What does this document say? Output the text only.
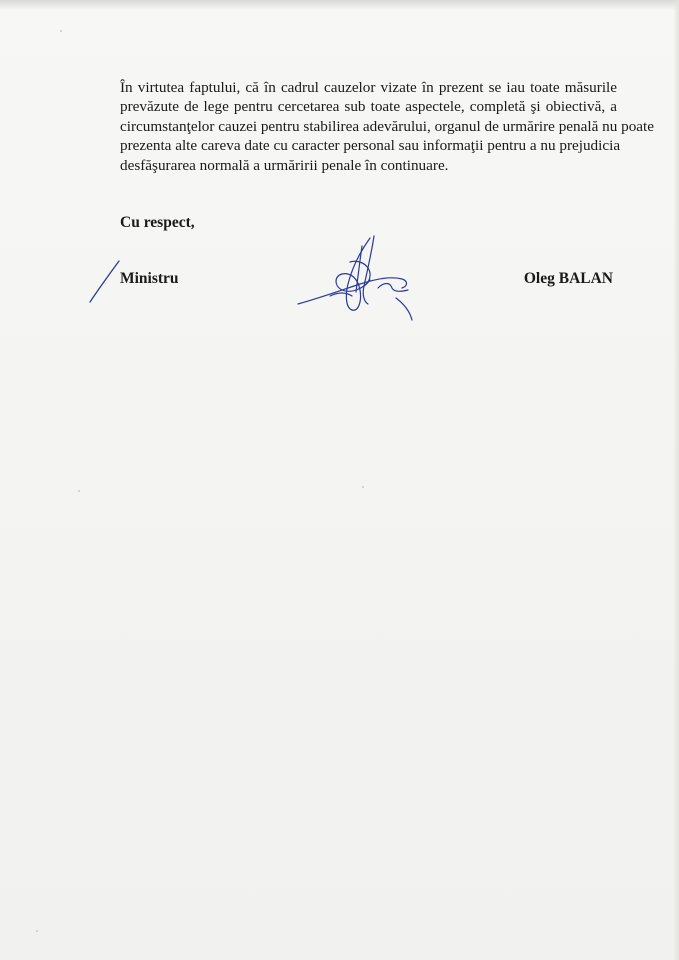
În virtutea faptului, că în cadrul cauzelor vizate în prezent se iau toate măsurile
prevăzute de lege pentru cercetarea sub toate aspectele, completă şi obiectivă, a
circumstanţelor cauzei pentru stabilirea adevărului, organul de urmărire penală nu poate
prezenta alte careva date cu caracter personal sau informaţii pentru a nu prejudicia
desfăşurarea normală a urmăririi penale în continuare.

Cu respect,

Ministru	Oleg BALAN
